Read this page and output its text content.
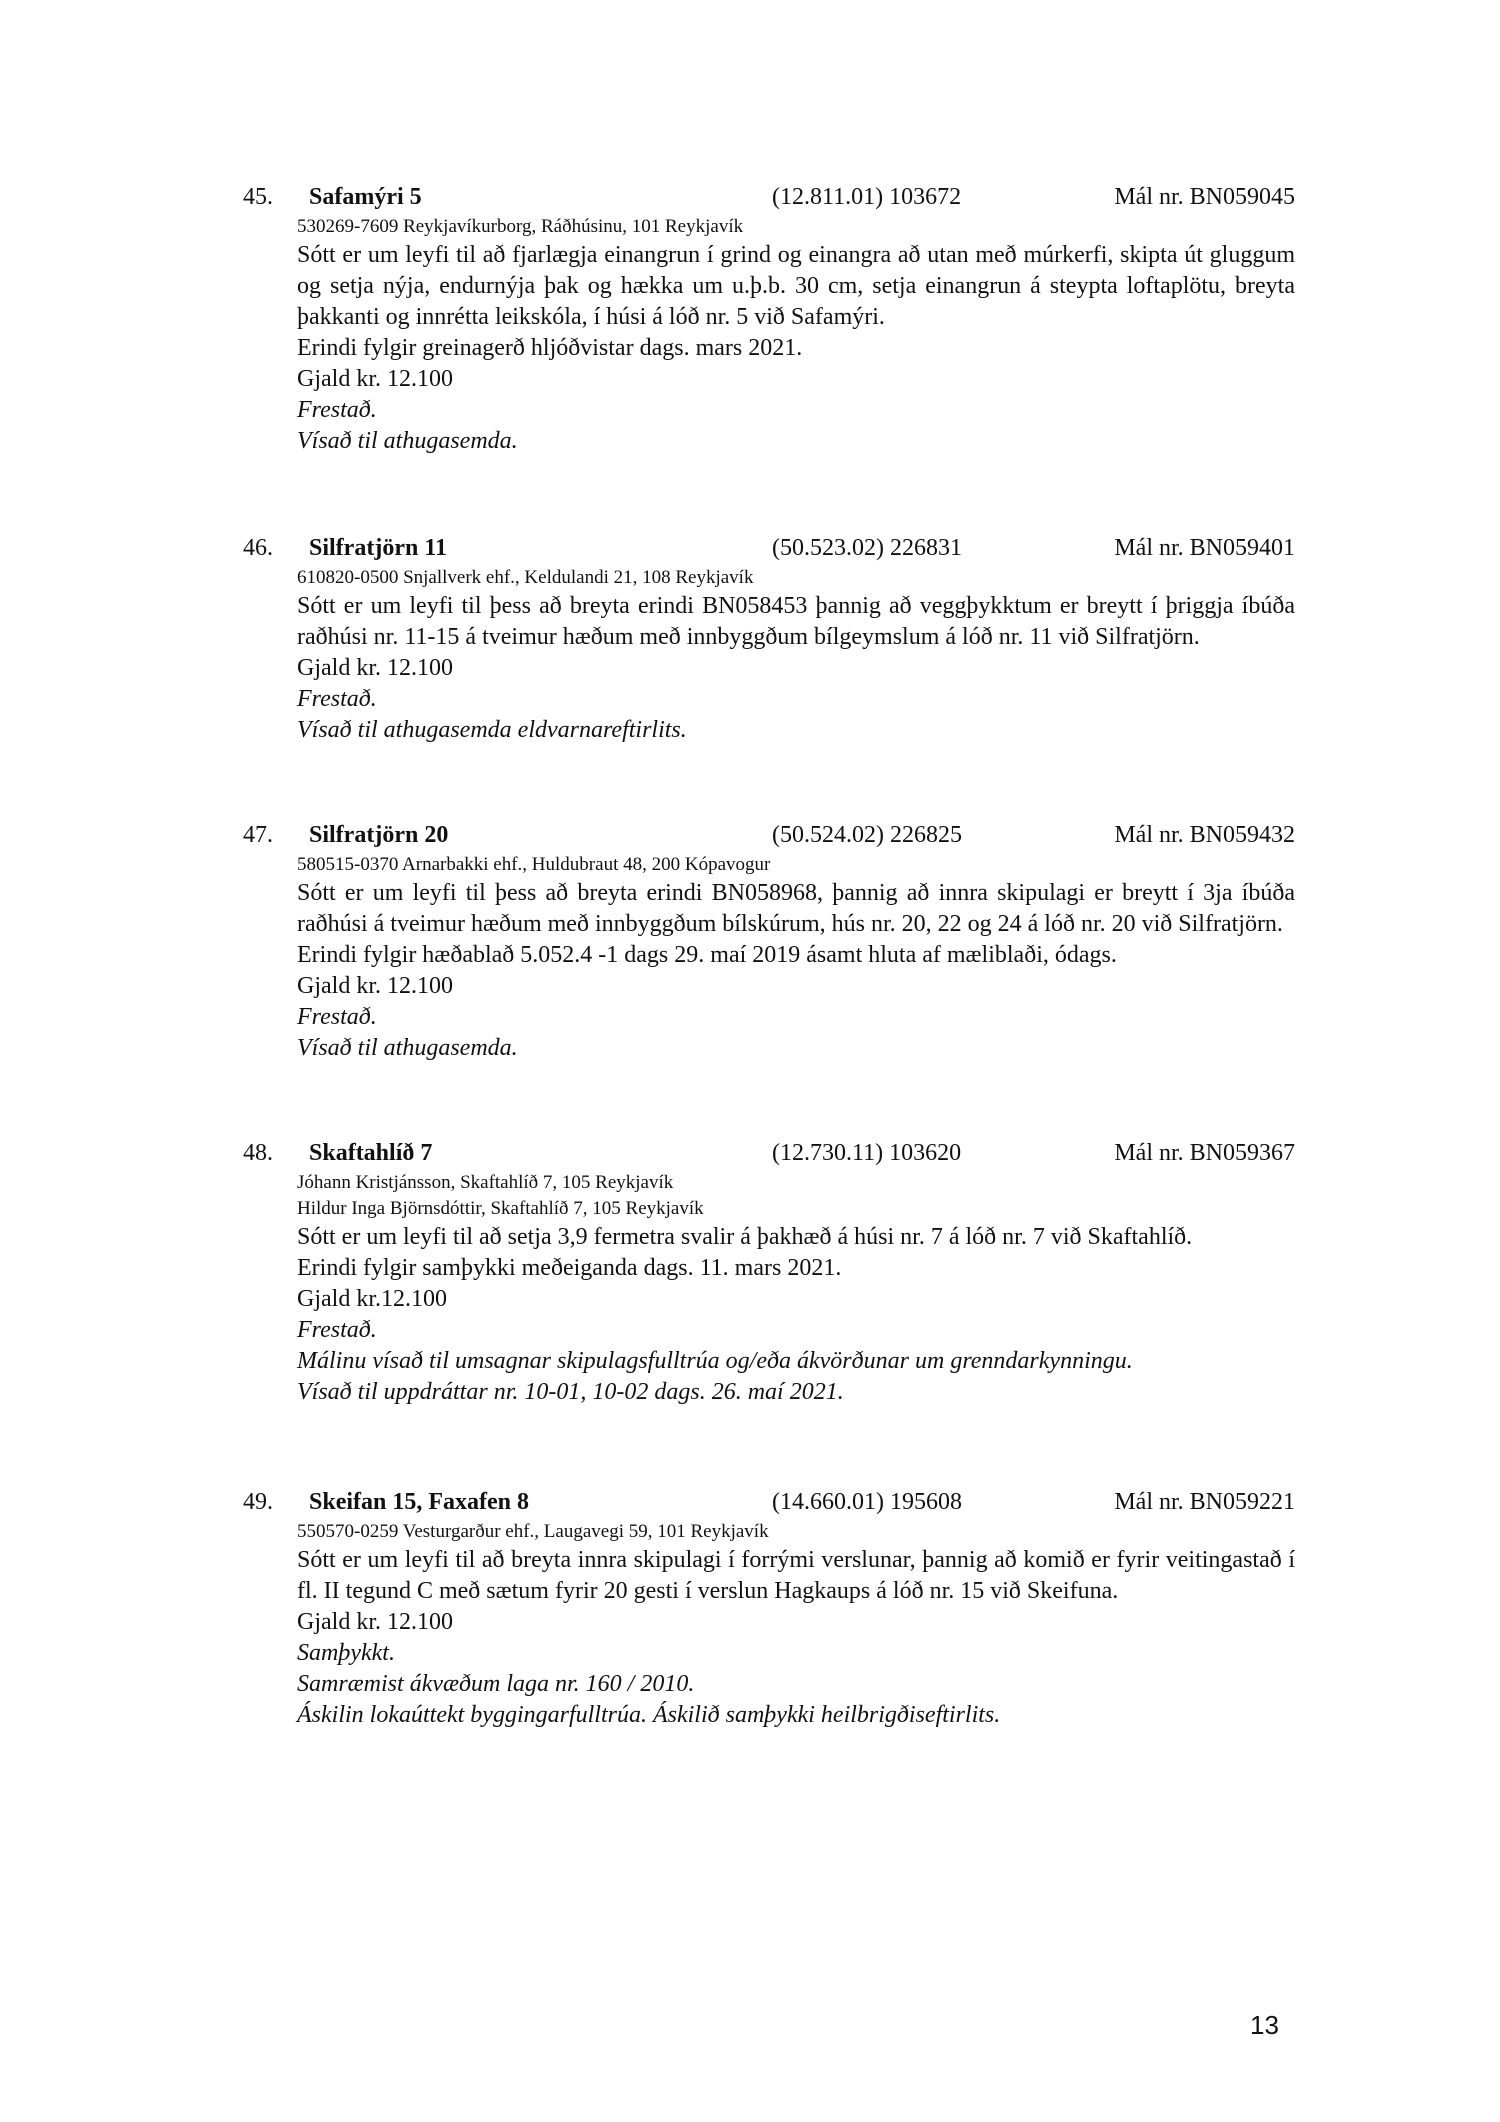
45. Safamýri 5	(12.811.01) 103672	Mál nr. BN059045
530269-7609 Reykjavíkurborg, Ráðhúsinu, 101 Reykjavík
Sótt er um leyfi til að fjarlægja einangrun í grind og einangra að utan með múrkerfi, skipta út gluggum og setja nýja, endurnýja þak og hækka um u.þ.b. 30 cm, setja einangrun á steypta loftaplötu, breyta þakkanti og innrétta leikskóla, í húsi á lóð nr. 5 við Safamýri.
Erindi fylgir greinagerð hljóðvistar dags. mars 2021.
Gjald kr. 12.100
Frestað.
Vísað til athugasemda.
46. Silfratjörn 11	(50.523.02) 226831	Mál nr. BN059401
610820-0500 Snjallverk ehf., Keldulandi 21, 108 Reykjavík
Sótt er um leyfi til þess að breyta erindi BN058453 þannig að veggþykktum er breytt í þriggja íbúða raðhúsi nr. 11-15 á tveimur hæðum með innbyggðum bílgeymslum á lóð nr. 11 við Silfratjörn.
Gjald kr. 12.100
Frestað.
Vísað til athugasemda eldvarnareftirlits.
47. Silfratjörn 20	(50.524.02) 226825	Mál nr. BN059432
580515-0370 Arnarbakki ehf., Huldubraut 48, 200 Kópavogur
Sótt er um leyfi til þess að breyta erindi BN058968, þannig að innra skipulagi er breytt í 3ja íbúða raðhúsi á tveimur hæðum með innbyggðum bílskúrum, hús nr. 20, 22 og 24 á lóð nr. 20 við Silfratjörn.
Erindi fylgir hæðablað 5.052.4 -1 dags 29. maí 2019 ásamt hluta af mæliblaði, ódags.
Gjald kr. 12.100
Frestað.
Vísað til athugasemda.
48. Skaftahlíð 7	(12.730.11) 103620	Mál nr. BN059367
Jóhann Kristjánsson, Skaftahlíð 7, 105 Reykjavík
Hildur Inga Björnsdóttir, Skaftahlíð 7, 105 Reykjavík
Sótt er um leyfi til að setja 3,9 fermetra svalir á þakhæð á húsi nr. 7 á lóð nr. 7 við Skaftahlíð.
Erindi fylgir samþykki meðeiganda dags. 11. mars 2021.
Gjald kr.12.100
Frestað.
Málinu vísað til umsagnar skipulagsfulltrúa og/eða ákvörðunar um grenndarkynningu.
Vísað til uppdráttar nr. 10-01, 10-02 dags. 26. maí 2021.
49. Skeifan 15, Faxafen 8	(14.660.01) 195608	Mál nr. BN059221
550570-0259 Vesturgarður ehf., Laugavegi 59, 101 Reykjavík
Sótt er um leyfi til að breyta innra skipulagi í forrými verslunar, þannig að komið er fyrir veitingastað í fl. II tegund C með sætum fyrir 20 gesti í verslun Hagkaups á lóð nr. 15 við Skeifuna.
Gjald kr. 12.100
Samþykkt.
Samræmist ákvæðum laga nr. 160 / 2010.
Áskilin lokaúttekt byggingarfulltrúa. Áskilið samþykki heilbrigðiseftirlits.
13
